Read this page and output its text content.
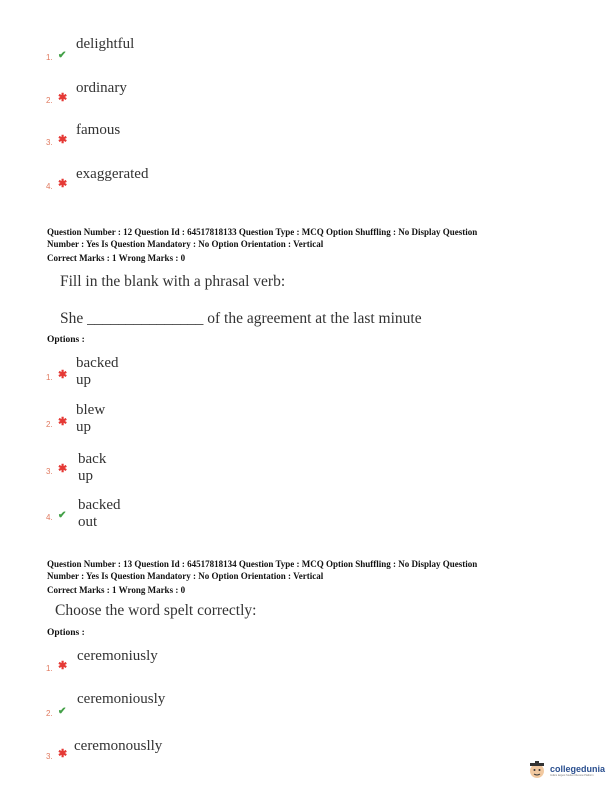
1. ✔
delightful
2. ✱
ordinary
3. ✱
famous
4. ✱
exaggerated
Question Number : 12 Question Id : 64517818133 Question Type : MCQ Option Shuffling : No Display Question
Number : Yes Is Question Mandatory : No Option Orientation : Vertical
Correct Marks : 1 Wrong Marks : 0
Fill in the blank with a phrasal verb:
She _______________ of the agreement at the last minute
Options :
1. ✱
backed up
2. ✱
blew up
3. ✱
back up
4. ✔
backed out
Question Number : 13 Question Id : 64517818134 Question Type : MCQ Option Shuffling : No Display Question
Number : Yes Is Question Mandatory : No Option Orientation : Vertical
Correct Marks : 1 Wrong Marks : 0
Choose the word spelt correctly:
Options :
1. ✱
ceremoniusly
2. ✔
ceremoniously
3. ✱ ceremonouslly
collegedunia
India's largest Student Review Platform
